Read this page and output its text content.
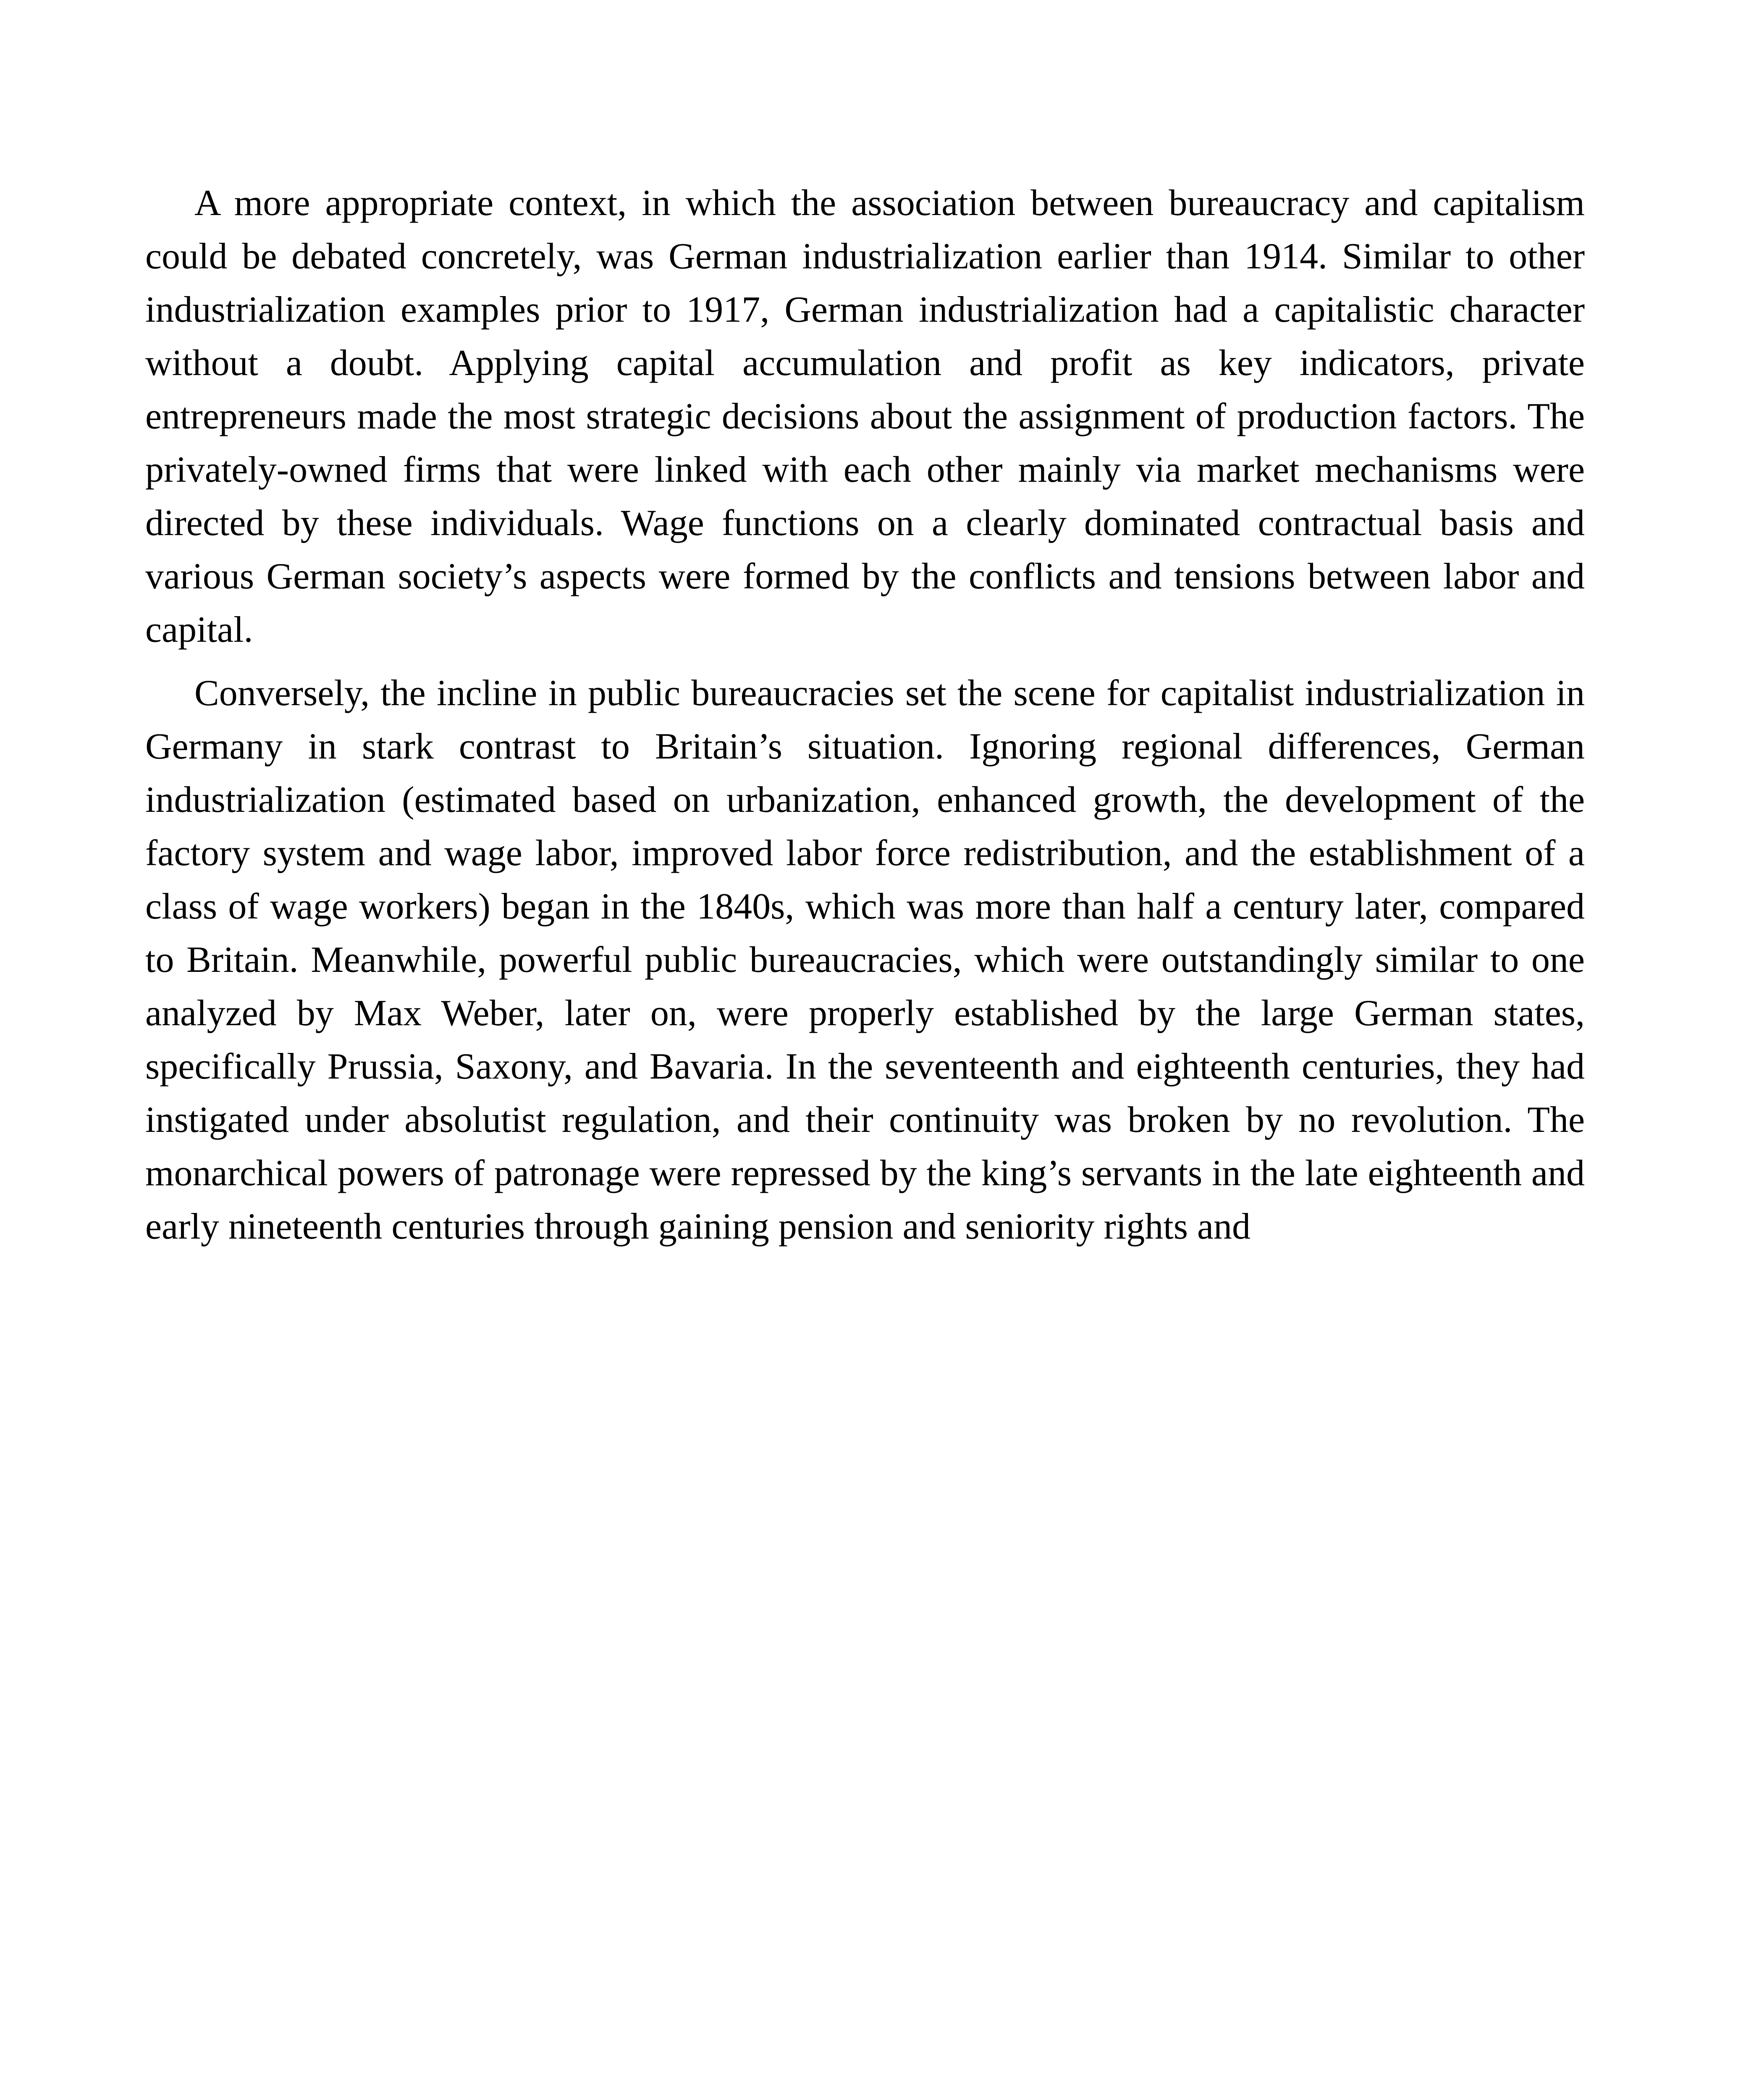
A more appropriate context, in which the association between bureaucracy and capitalism could be debated concretely, was German industrialization earlier than 1914. Similar to other industrialization examples prior to 1917, German industrialization had a capitalistic character without a doubt. Applying capital accumulation and profit as key indicators, private entrepreneurs made the most strategic decisions about the assignment of production factors. The privately-owned firms that were linked with each other mainly via market mechanisms were directed by these individuals. Wage functions on a clearly dominated contractual basis and various German society’s aspects were formed by the conflicts and tensions between labor and capital.

Conversely, the incline in public bureaucracies set the scene for capitalist industrialization in Germany in stark contrast to Britain’s situation. Ignoring regional differences, German industrialization (estimated based on urbanization, enhanced growth, the development of the factory system and wage labor, improved labor force redistribution, and the establishment of a class of wage workers) began in the 1840s, which was more than half a century later, compared to Britain. Meanwhile, powerful public bureaucracies, which were outstandingly similar to one analyzed by Max Weber, later on, were properly established by the large German states, specifically Prussia, Saxony, and Bavaria. In the seventeenth and eighteenth centuries, they had instigated under absolutist regulation, and their continuity was broken by no revolution. The monarchical powers of patronage were repressed by the king’s servants in the late eighteenth and early nineteenth centuries through gaining pension and seniority rights and
